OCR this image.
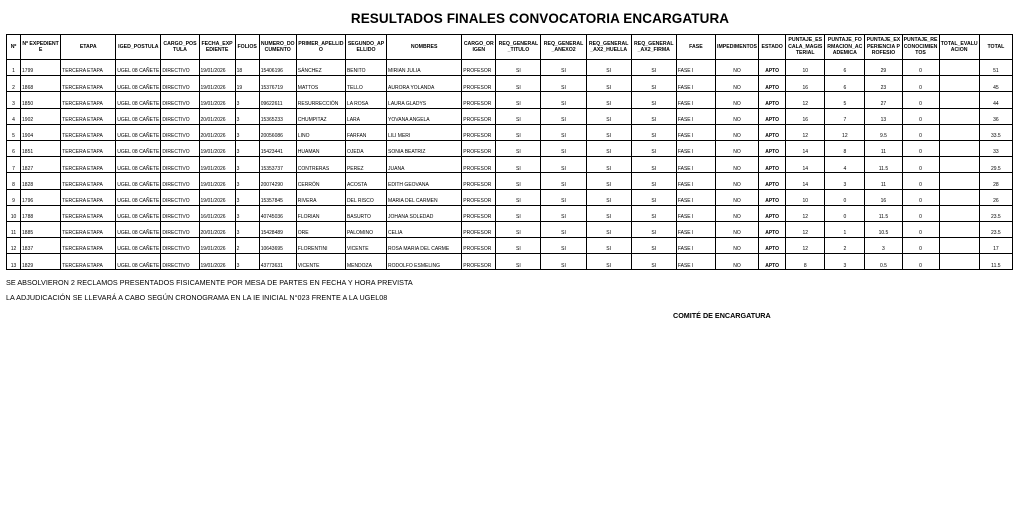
RESULTADOS FINALES CONVOCATORIA ENCARGATURA
Nº	Nº EXPEDIENTE	ETAPA	IGED_POSTULA	CARGO_POSTULA	FECHA_EXPEDIENTE	FOLIOS	NUMERO_DOCUMENTO	PRIMER_APELLIDO	SEGUNDO_APELLIDO	NOMBRES	CARGO_ORIGEN	REQ_GENERAL_TITULO	REQ_GENERAL_ANEXO2	REQ_GENERAL_AX2_HUELLA	REQ_GENERAL_AX2_FIRMA	FASE	IMPEDIMENTOS	ESTADO	PUNTAJE_ESCALA_MAGISTERIAL	PUNTAJE_FORMACION_ACADEMICA	PUNTAJE_EXPERIENCIA PROFESIO	PUNTAJE_RECONOCIMIENTOS	TOTAL_EVALUACION	TOTAL
1	1799	TERCERA ETAPA	UGEL 08 CAÑETE	DIRECTIVO	19/01/2026	18	15406196	SÁNCHEZ	BENITO	MIRIAN JULIA	PROFESOR	SI	SI	SI	SI	FASE I	NO	APTO	10	6	29	0		51
2	1868	TERCERA ETAPA	UGEL 08 CAÑETE	DIRECTIVO	19/01/2026	19	15376719	MATTOS	TELLO	AURORA YOLANDA	PROFESOR	SI	SI	SI	SI	FASE I	NO	APTO	16	6	23	0		45
3	1850	TERCERA ETAPA	UGEL 08 CAÑETE	DIRECTIVO	19/01/2026	3	09622611	RESURRECCIÓN	LA ROSA	LAURA GLADYS	PROFESOR	SI	SI	SI	SI	FASE I	NO	APTO	12	5	27	0		44
4	1902	TERCERA ETAPA	UGEL 08 CAÑETE	DIRECTIVO	20/01/2026	3	15365233	CHUMPITAZ	LARA	YOVANA ANGELA	PROFESOR	SI	SI	SI	SI	FASE I	NO	APTO	16	7	13	0		36
5	1904	TERCERA ETAPA	UGEL 08 CAÑETE	DIRECTIVO	20/01/2026	3	20056086	LINO	FARFAN	LILI MERI	PROFESOR	SI	SI	SI	SI	FASE I	NO	APTO	12	12	9.5	0		33.5
6	1851	TERCERA ETAPA	UGEL 08 CAÑETE	DIRECTIVO	19/01/2026	3	15423441	HUAMAN	OJEDA	SONIA BEATRIZ	PROFESOR	SI	SI	SI	SI	FASE I	NO	APTO	14	8	11	0		33
7	1827	TERCERA ETAPA	UGEL 08 CAÑETE	DIRECTIVO	19/01/2026	3	15353737	CONTRERAS	PEREZ	JUANA	PROFESOR	SI	SI	SI	SI	FASE I	NO	APTO	14	4	11.5	0		29.5
8	1828	TERCERA ETAPA	UGEL 08 CAÑETE	DIRECTIVO	19/01/2026	3	20074290	CERRÓN	ACOSTA	EDITH GEOVANA	PROFESOR	SI	SI	SI	SI	FASE I	NO	APTO	14	3	11	0		28
9	1796	TERCERA ETAPA	UGEL 08 CAÑETE	DIRECTIVO	19/01/2026	3	15357845	RIVERA	DEL RISCO	MARIA DEL CARMEN	PROFESOR	SI	SI	SI	SI	FASE I	NO	APTO	10	0	16	0		26
10	1788	TERCERA ETAPA	UGEL 08 CAÑETE	DIRECTIVO	16/01/2026	3	40745036	FLORIAN	BASURTO	JOHANA SOLEDAD	PROFESOR	SI	SI	SI	SI	FASE I	NO	APTO	12	0	11.5	0		23.5
11	1885	TERCERA ETAPA	UGEL 08 CAÑETE	DIRECTIVO	20/01/2026	3	15428489	ORE	PALOMINO	CELIA	PROFESOR	SI	SI	SI	SI	FASE I	NO	APTO	12	1	10.5	0		23.5
12	1837	TERCERA ETAPA	UGEL 08 CAÑETE	DIRECTIVO	19/01/2026	2	10643695	FLORENTINI	VICENTE	ROSA MARIA DEL CARME	PROFESOR	SI	SI	SI	SI	FASE I	NO	APTO	12	2	3	0		17
13	1829	TERCERA ETAPA	UGEL 08 CAÑETE	DIRECTIVO	19/01/2026	3	43773631	VICENTE	MENDOZA	RODOLFO ESMELING	PROFESOR	SI	SI	SI	SI	FASE I	NO	APTO	8	3	0.5	0		11.5
SE ABSOLVIERON 2 RECLAMOS PRESENTADOS FISICAMENTE POR MESA DE PARTES EN FECHA Y HORA PREVISTA
LA ADJUDICACIÓN SE LLEVARÁ A CABO SEGÚN CRONOGRAMA EN LA IE INICIAL N°023 FRENTE A LA UGEL08
COMITÉ DE ENCARGATURA
